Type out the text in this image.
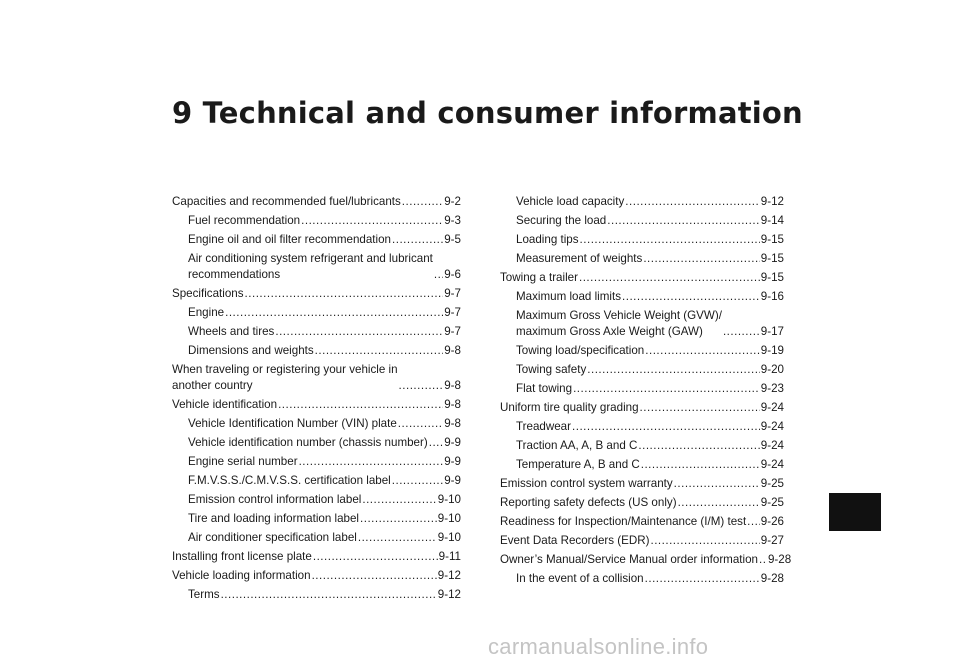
9 Technical and consumer information
Capacities and recommended fuel/lubricants .....	9-2
Fuel recommendation .....	9-3
Engine oil and oil filter recommendation .....	9-5
Air conditioning system refrigerant and lubricant
recommendations .....	9-6
Specifications .....	9-7
Engine .....	9-7
Wheels and tires .....	9-7
Dimensions and weights .....	9-8
When traveling or registering your vehicle in
another country .....	9-8
Vehicle identification .....	9-8
Vehicle Identification Number (VIN) plate .....	9-8
Vehicle identification number (chassis number) ..... 9-9
Engine serial number .....	9-9
F.M.V.S.S./C.M.V.S.S. certification label .....	9-9
Emission control information label .....	9-10
Tire and loading information label .....	9-10
Air conditioner specification label .....	9-10
Installing front license plate .....	9-11
Vehicle loading information .....	9-12
Terms .....	9-12
Vehicle load capacity .....	9-12
Securing the load .....	9-14
Loading tips .....	9-15
Measurement of weights .....	9-15
Towing a trailer .....	9-15
Maximum load limits .....	9-16
Maximum Gross Vehicle Weight (GVW)/
maximum Gross Axle Weight (GAW) .....	9-17
Towing load/specification .....	9-19
Towing safety .....	9-20
Flat towing .....	9-23
Uniform tire quality grading .....	9-24
Treadwear .....	9-24
Traction AA, A, B and C .....	9-24
Temperature A, B and C .....	9-24
Emission control system warranty .....	9-25
Reporting safety defects (US only) .....	9-25
Readiness for Inspection/Maintenance (I/M) test ..... 9-26
Event Data Recorders (EDR) .....	9-27
Owner’s Manual/Service Manual order information ..... 9-28
In the event of a collision .....	9-28
carmanualsonline.info
